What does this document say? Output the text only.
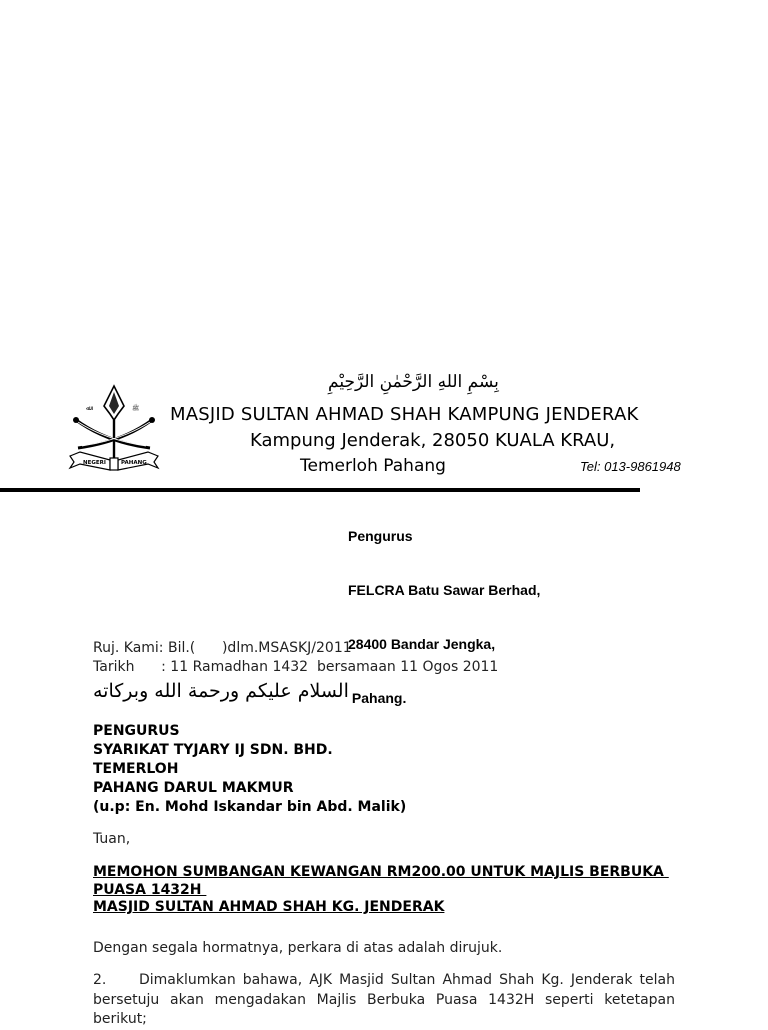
بِسْمِ اللهِ الرَّحْمٰنِ الرَّحِيْمِ
ﷲ	ﷺ
NEGERI	PAHANG
MASJID SULTAN AHMAD SHAH KAMPUNG JENDERAK
Kampung Jenderak, 28050 KUALA KRAU,
Temerloh Pahang	Tel: 013-9861948

Pengurus

FELCRA Batu Sawar Berhad,

28400 Bandar Jengka,

Pahang.

Ruj. Kami: Bil.(      )dlm.MSASKJ/2011
Tarikh      : 11 Ramadhan 1432  bersamaan 11 Ogos 2011
السلام عليكم ورحمة الله وبركاته
PENGURUS
SYARIKAT TYJARY IJ SDN. BHD.
TEMERLOH
PAHANG DARUL MAKMUR
(u.p: En. Mohd Iskandar bin Abd. Malik)
Tuan,
MEMOHON SUMBANGAN KEWANGAN RM200.00 UNTUK MAJLIS BERBUKA
PUASA 1432H
MASJID SULTAN AHMAD SHAH KG. JENDERAK
Dengan segala hormatnya, perkara di atas adalah dirujuk.
2. Dimaklumkan bahawa, AJK Masjid Sultan Ahmad Shah Kg. Jenderak telah bersetuju akan mengadakan Majlis Berbuka Puasa 1432H seperti ketetapan berikut;
